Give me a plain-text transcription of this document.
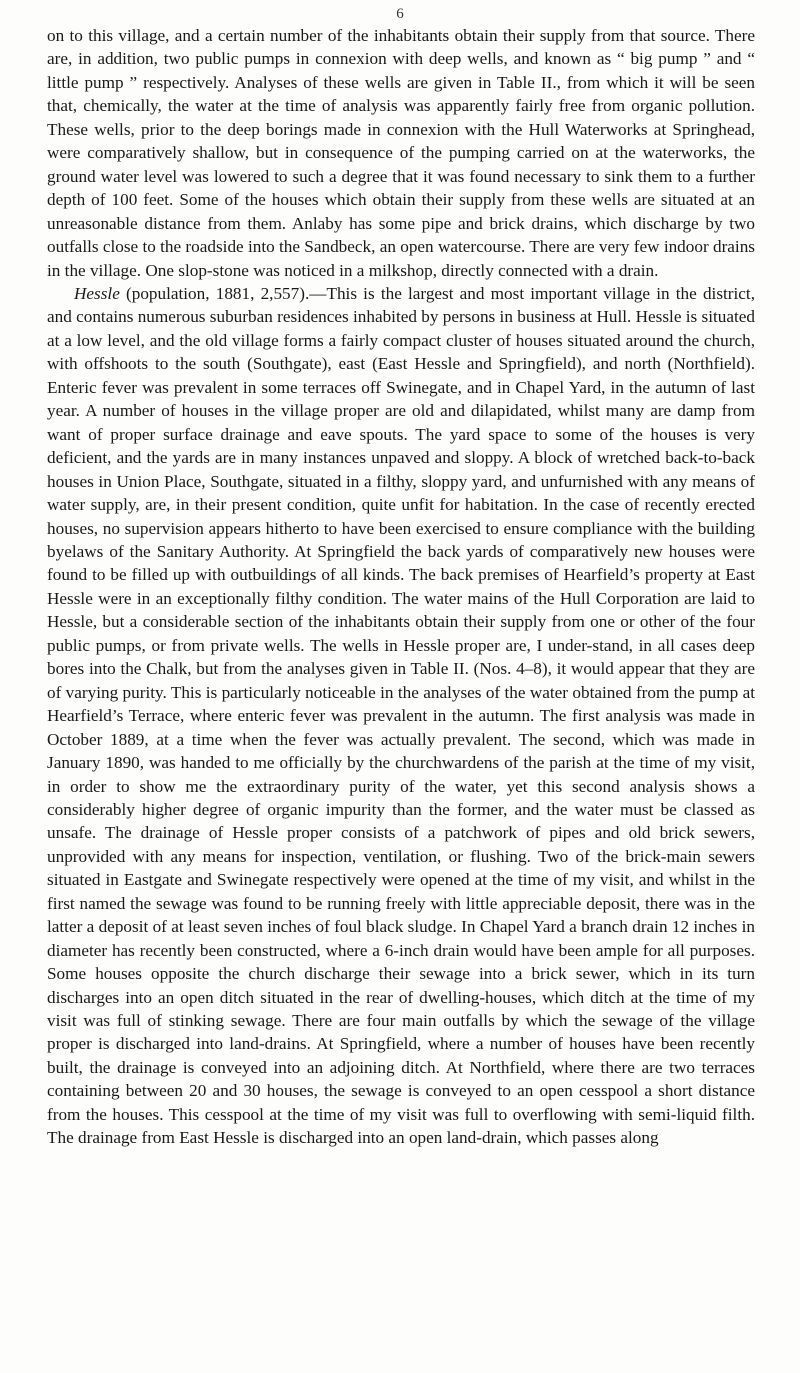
6

on to this village, and a certain number of the inhabitants obtain their supply from that source. There are, in addition, two public pumps in connexion with deep wells, and known as “ big pump ” and “ little pump ” respectively. Analyses of these wells are given in Table II., from which it will be seen that, chemically, the water at the time of analysis was apparently fairly free from organic pollution. These wells, prior to the deep borings made in connexion with the Hull Waterworks at Springhead, were comparatively shallow, but in consequence of the pumping carried on at the waterworks, the ground water level was lowered to such a degree that it was found necessary to sink them to a further depth of 100 feet. Some of the houses which obtain their supply from these wells are situated at an unreasonable distance from them. Anlaby has some pipe and brick drains, which discharge by two outfalls close to the roadside into the Sandbeck, an open watercourse. There are very few indoor drains in the village. One slop-stone was noticed in a milkshop, directly connected with a drain.

Hessle (population, 1881, 2,557).—This is the largest and most important village in the district, and contains numerous suburban residences inhabited by persons in business at Hull. Hessle is situated at a low level, and the old village forms a fairly compact cluster of houses situated around the church, with offshoots to the south (Southgate), east (East Hessle and Springfield), and north (Northfield). Enteric fever was prevalent in some terraces off Swinegate, and in Chapel Yard, in the autumn of last year. A number of houses in the village proper are old and dilapidated, whilst many are damp from want of proper surface drainage and eave spouts. The yard space to some of the houses is very deficient, and the yards are in many instances unpaved and sloppy. A block of wretched back-to-back houses in Union Place, Southgate, situated in a filthy, sloppy yard, and unfurnished with any means of water supply, are, in their present condition, quite unfit for habitation. In the case of recently erected houses, no supervision appears hitherto to have been exercised to ensure compliance with the building byelaws of the Sanitary Authority. At Springfield the back yards of comparatively new houses were found to be filled up with outbuildings of all kinds. The back premises of Hearfield’s property at East Hessle were in an exceptionally filthy condition. The water mains of the Hull Corporation are laid to Hessle, but a considerable section of the inhabitants obtain their supply from one or other of the four public pumps, or from private wells. The wells in Hessle proper are, I under-stand, in all cases deep bores into the Chalk, but from the analyses given in Table II. (Nos. 4–8), it would appear that they are of varying purity. This is particularly noticeable in the analyses of the water obtained from the pump at Hearfield’s Terrace, where enteric fever was prevalent in the autumn. The first analysis was made in October 1889, at a time when the fever was actually prevalent. The second, which was made in January 1890, was handed to me officially by the churchwardens of the parish at the time of my visit, in order to show me the extraordinary purity of the water, yet this second analysis shows a considerably higher degree of organic impurity than the former, and the water must be classed as unsafe. The drainage of Hessle proper consists of a patchwork of pipes and old brick sewers, unprovided with any means for inspection, ventilation, or flushing. Two of the brick-main sewers situated in Eastgate and Swinegate respectively were opened at the time of my visit, and whilst in the first named the sewage was found to be running freely with little appreciable deposit, there was in the latter a deposit of at least seven inches of foul black sludge. In Chapel Yard a branch drain 12 inches in diameter has recently been constructed, where a 6-inch drain would have been ample for all purposes. Some houses opposite the church discharge their sewage into a brick sewer, which in its turn discharges into an open ditch situated in the rear of dwelling-houses, which ditch at the time of my visit was full of stinking sewage. There are four main outfalls by which the sewage of the village proper is discharged into land-drains. At Springfield, where a number of houses have been recently built, the drainage is conveyed into an adjoining ditch. At Northfield, where there are two terraces containing between 20 and 30 houses, the sewage is conveyed to an open cesspool a short distance from the houses. This cesspool at the time of my visit was full to overflowing with semi-liquid filth. The drainage from East Hessle is discharged into an open land-drain, which passes along
